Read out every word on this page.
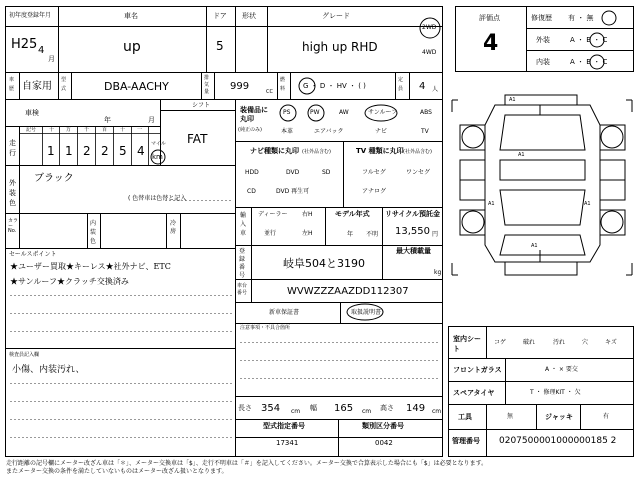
初年度登録年月
H25 4
月
車名
up
ドア
5
形状	グレード
high up RHD
2WD
4WD
車歴 自家用
型式	DBA-AACHY
排気量 999	CC
燃料	G ・ D ・ HV ・ ( )
定員 4 人
評価点
4
修復歴 有 ・ 無
外装	A ・ B ・ C
内装	A ・ B ・ C
車検
年	月
シフト
FAT
走行
記号	十 万	千	百	十 一
1 1 2 2 5 4 マイル
km
外装色
ブラック
( 色替車は色替と記入
カラー No.
内装色
冷房
装備品に丸印
(純正のみ)
PS	PW	AW	サンルーフ	ABS
本革	エアバック	ナビ	TV
ナビ種類に丸印 (社外品含む)
HDD	DVD	SD
CD	DVD 再生可
TV 種類に丸印 (社外品含む)
フルセグ	ワンセグ
アナログ
輸入車
ディーラー
並行
右H
左H
モデル年式
年 不明
リサイクル預託金
13,550 円
登録番号
岐阜504と3190
最大積載量
kg
車台番号	WVWZZZAAZDD112307
新車保証書	取扱説明書
注意事項・不具合箇所
長さ 354 cm 幅 165 cm 高さ 149 cm
型式指定番号
17341
類別区分番号
0042
セールスポイント
★ユーザー買取★キーレス★社外ナビ、ETC
★サンルーフ★クラッチ交換済み
検査員記入欄
小傷、内装汚れ、
A1
A1
A1	A1
A1
室内シート
コゲ	破れ	汚れ	穴	キズ
フロントガラス	A ・ × 要交
スペアタイヤ	T ・ 修理KIT ・ 欠
工具	無	ジャッキ	有
管理番号 0207500001000000185 2
走行距離の記号欄にメーター改ざん車は「＊」、メーター交換車は「$」、走行不明車は「＃」を記入してください。メーター交換で合算表示した場合にも「$」は必要となります。
またメーター交換の条件を満たしていないものはメーター改ざん扱いとなります。
